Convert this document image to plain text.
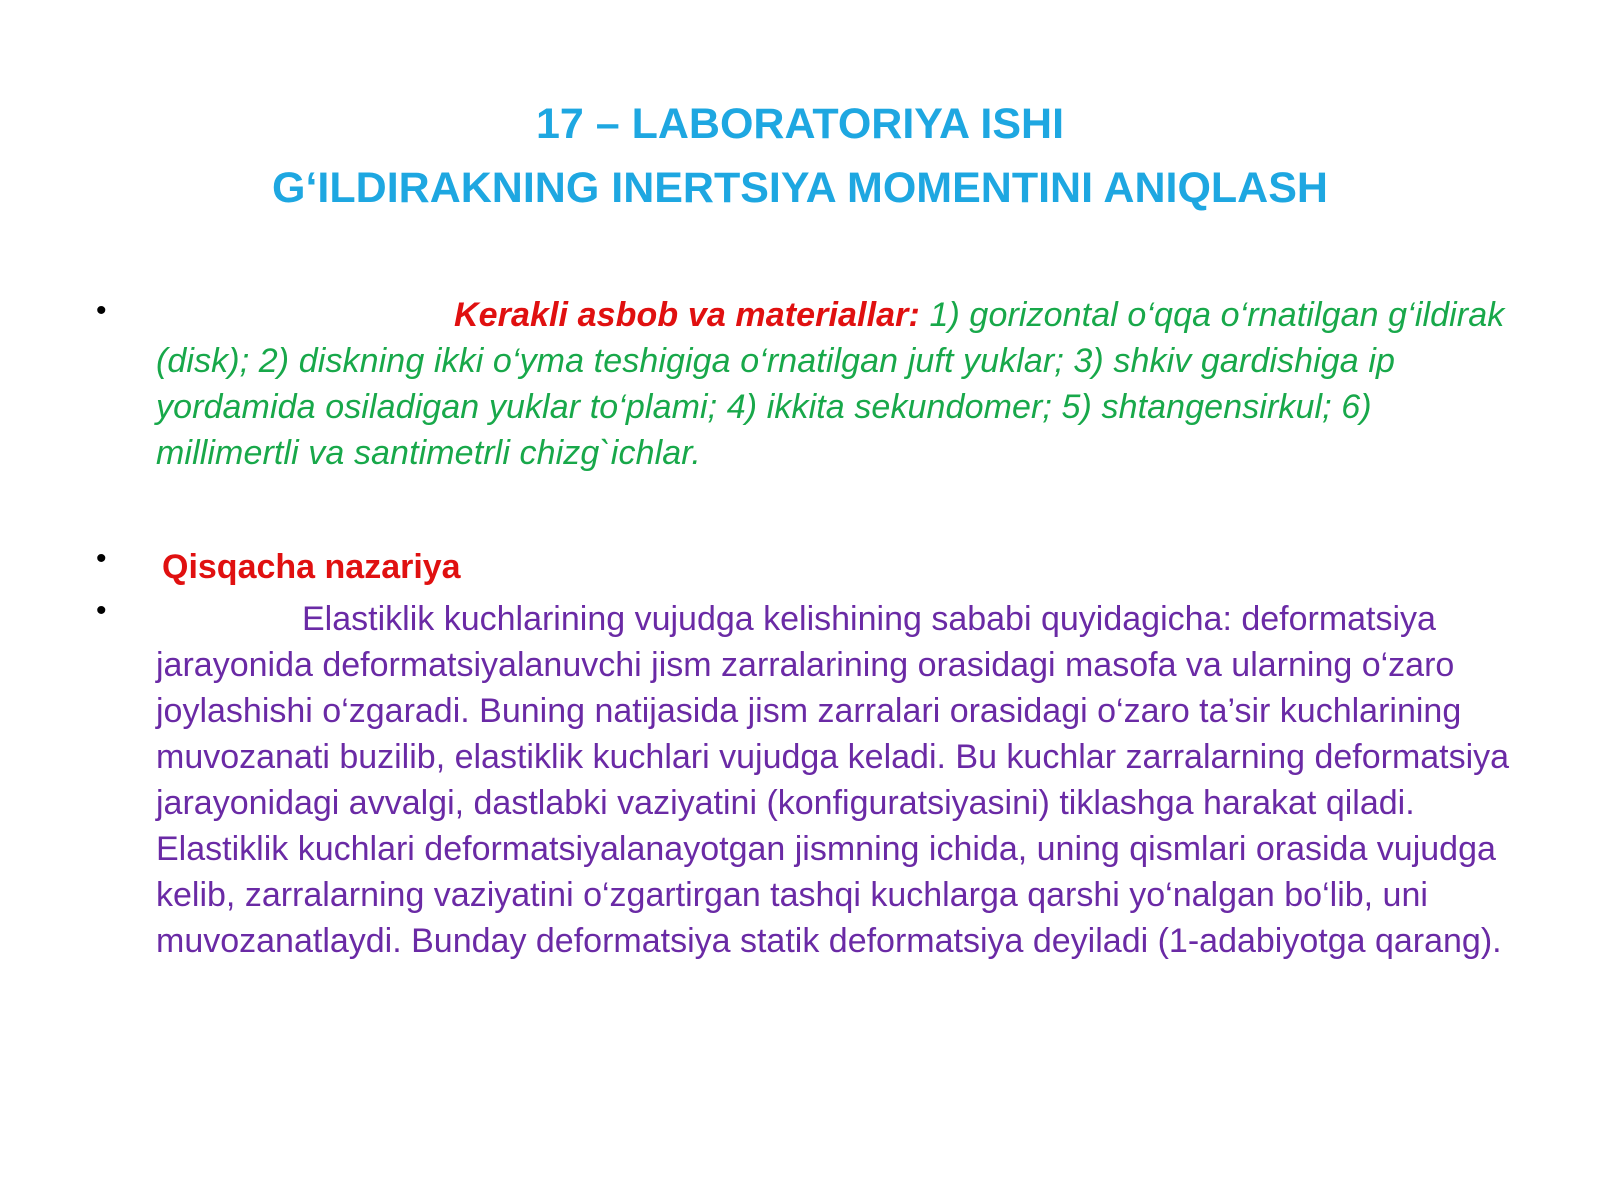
17 – LABORATORIYA ISHI
G‘ILDIRAKNING INERTSIYA MOMENTINI ANIQLASH
•	Kerakli asbob va materiallar: 1) gorizontal o‘qqa o‘rnatilgan g‘ildirak (disk); 2) diskning ikki o‘yma teshigiga o‘rnatilgan juft yuklar; 3) shkiv gardishiga ip yordamida osiladigan yuklar to‘plami; 4) ikkita sekundomer; 5) shtangensirkul; 6) millimertli va santimetrli chizg`ichlar.
• Qisqacha nazariya
•	Elastiklik kuchlarining vujudga kelishining sababi quyidagicha: deformatsiya jarayonida deformatsiyalanuvchi jism zarralarining orasidagi masofa va ularning o‘zaro joylashishi o‘zgaradi. Buning natijasida jism zarralari orasidagi o‘zaro ta’sir kuchlarining muvozanati buzilib, elastiklik kuchlari vujudga keladi. Bu kuchlar zarralarning deformatsiya jarayonidagi avvalgi, dastlabki vaziyatini (konfiguratsiyasini) tiklashga harakat qiladi. Elastiklik kuchlari deformatsiyalanayotgan jismning ichida, uning qismlari orasida vujudga kelib, zarralarning vaziyatini o‘zgartirgan tashqi kuchlarga qarshi yo‘nalgan bo‘lib, uni muvozanatlaydi. Bunday deformatsiya statik deformatsiya deyiladi (1-adabiyotga qarang).
